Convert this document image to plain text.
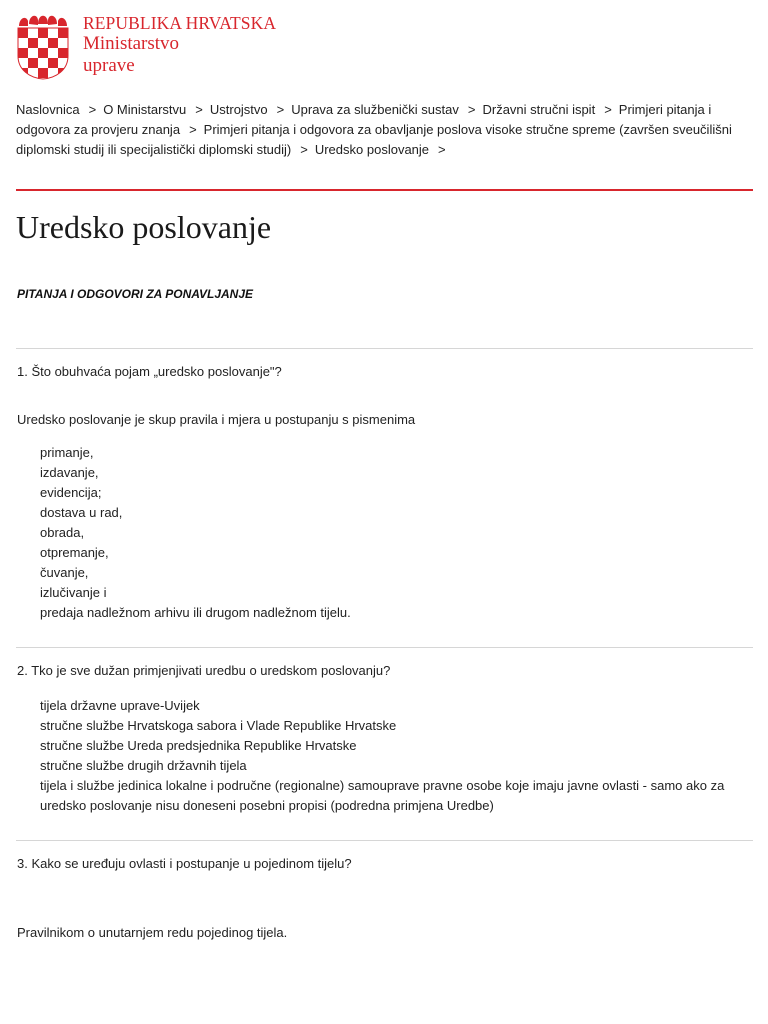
REPUBLIKA HRVATSKA
Ministarstvo
uprave
Naslovnica > O Ministarstvu > Ustrojstvo > Uprava za službenički sustav > Državni stručni ispit > Primjeri pitanja i odgovora za provjeru znanja > Primjeri pitanja i odgovora za obavljanje poslova visoke stručne spreme (završen sveučilišni diplomski studij ili specijalistički diplomski studij) > Uredsko poslovanje >
Uredsko poslovanje
PITANJA I ODGOVORI ZA PONAVLJANJE
1. Što obuhvaća pojam „uredsko poslovanje"?
Uredsko poslovanje je skup pravila i mjera u postupanju s pismenima
primanje,
izdavanje,
evidencija;
dostava u rad,
obrada,
otpremanje,
čuvanje,
izlučivanje i
predaja nadležnom arhivu ili drugom nadležnom tijelu.
2. Tko je sve dužan primjenjivati uredbu o uredskom poslovanju?
tijela državne uprave-Uvijek
stručne službe Hrvatskoga sabora i Vlade Republike Hrvatske
stručne službe Ureda predsjednika Republike Hrvatske
stručne službe drugih državnih tijela
tijela i službe jedinica lokalne i područne (regionalne) samouprave pravne osobe koje imaju javne ovlasti - samo ako za uredsko poslovanje nisu doneseni posebni propisi (podredna primjena Uredbe)
3. Kako se uređuju ovlasti i postupanje u pojedinom tijelu?
Pravilnikom o unutarnjem redu pojedinog tijela.
